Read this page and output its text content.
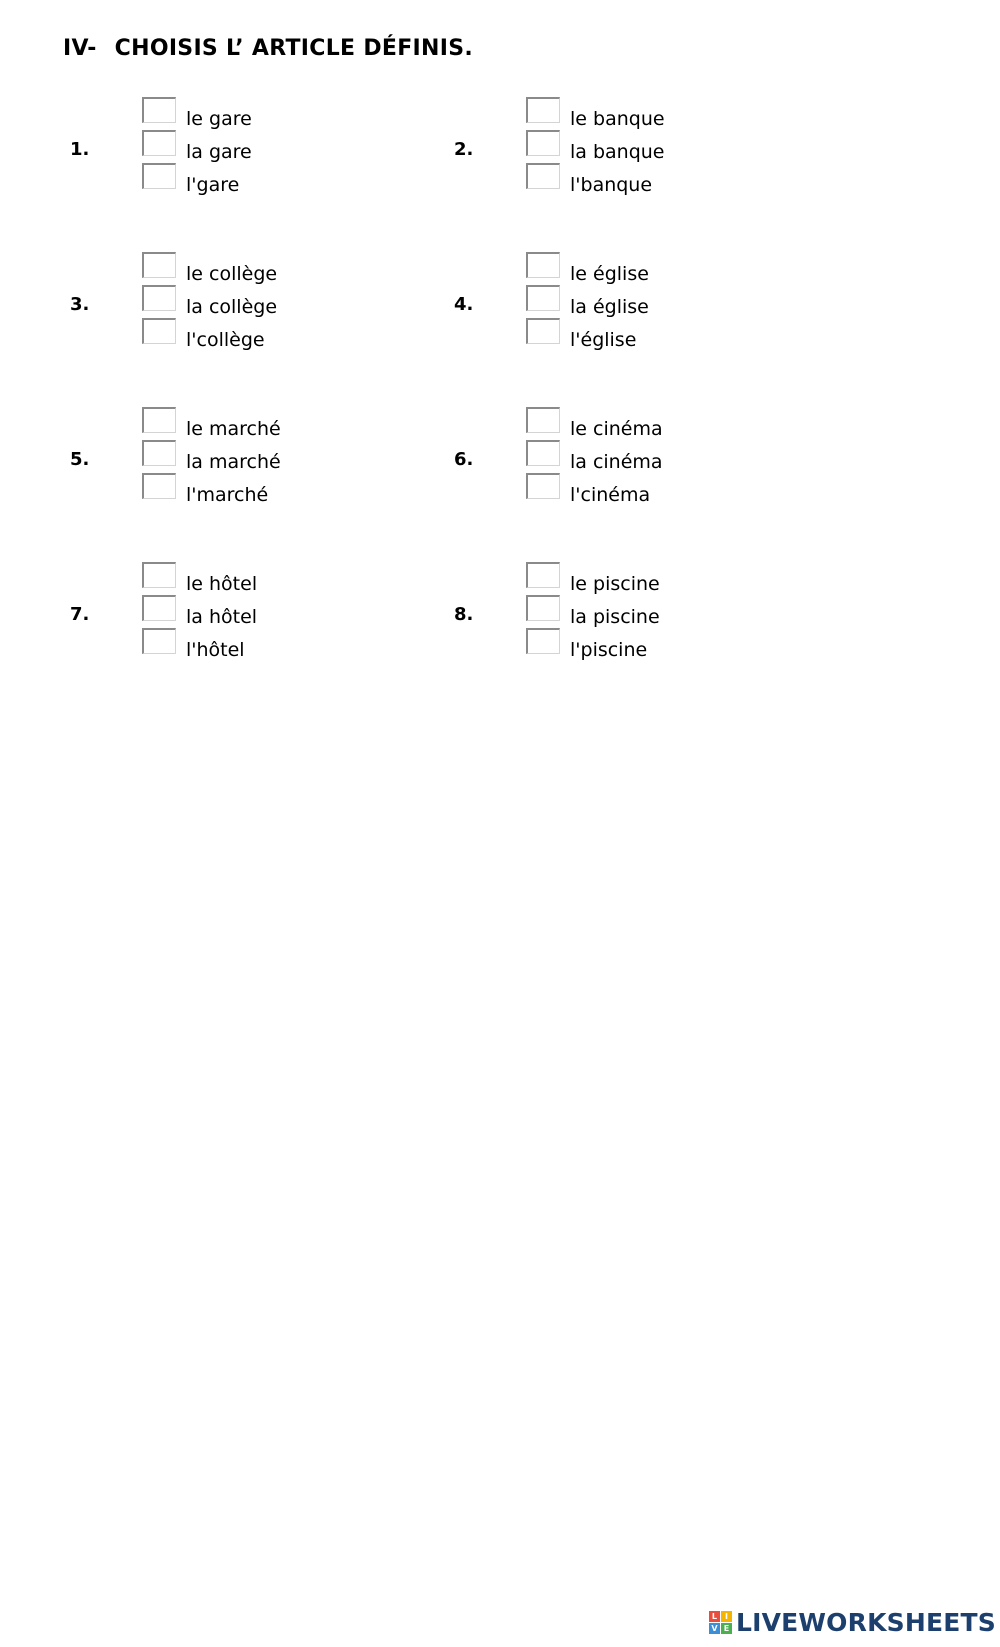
IV- CHOISIS L’ ARTICLE DÉFINIS.
1.
le gare
la gare
l'gare
2.
le banque
la banque
l'banque
3.
le collège
la collège
l'collège
4.
le église
la église
l'église
5.
le marché
la marché
l'marché
6.
le cinéma
la cinéma
l'cinéma
7.
le hôtel
la hôtel
l'hôtel
8.
le piscine
la piscine
l'piscine
L I
V E LIVEWORKSHEETS
